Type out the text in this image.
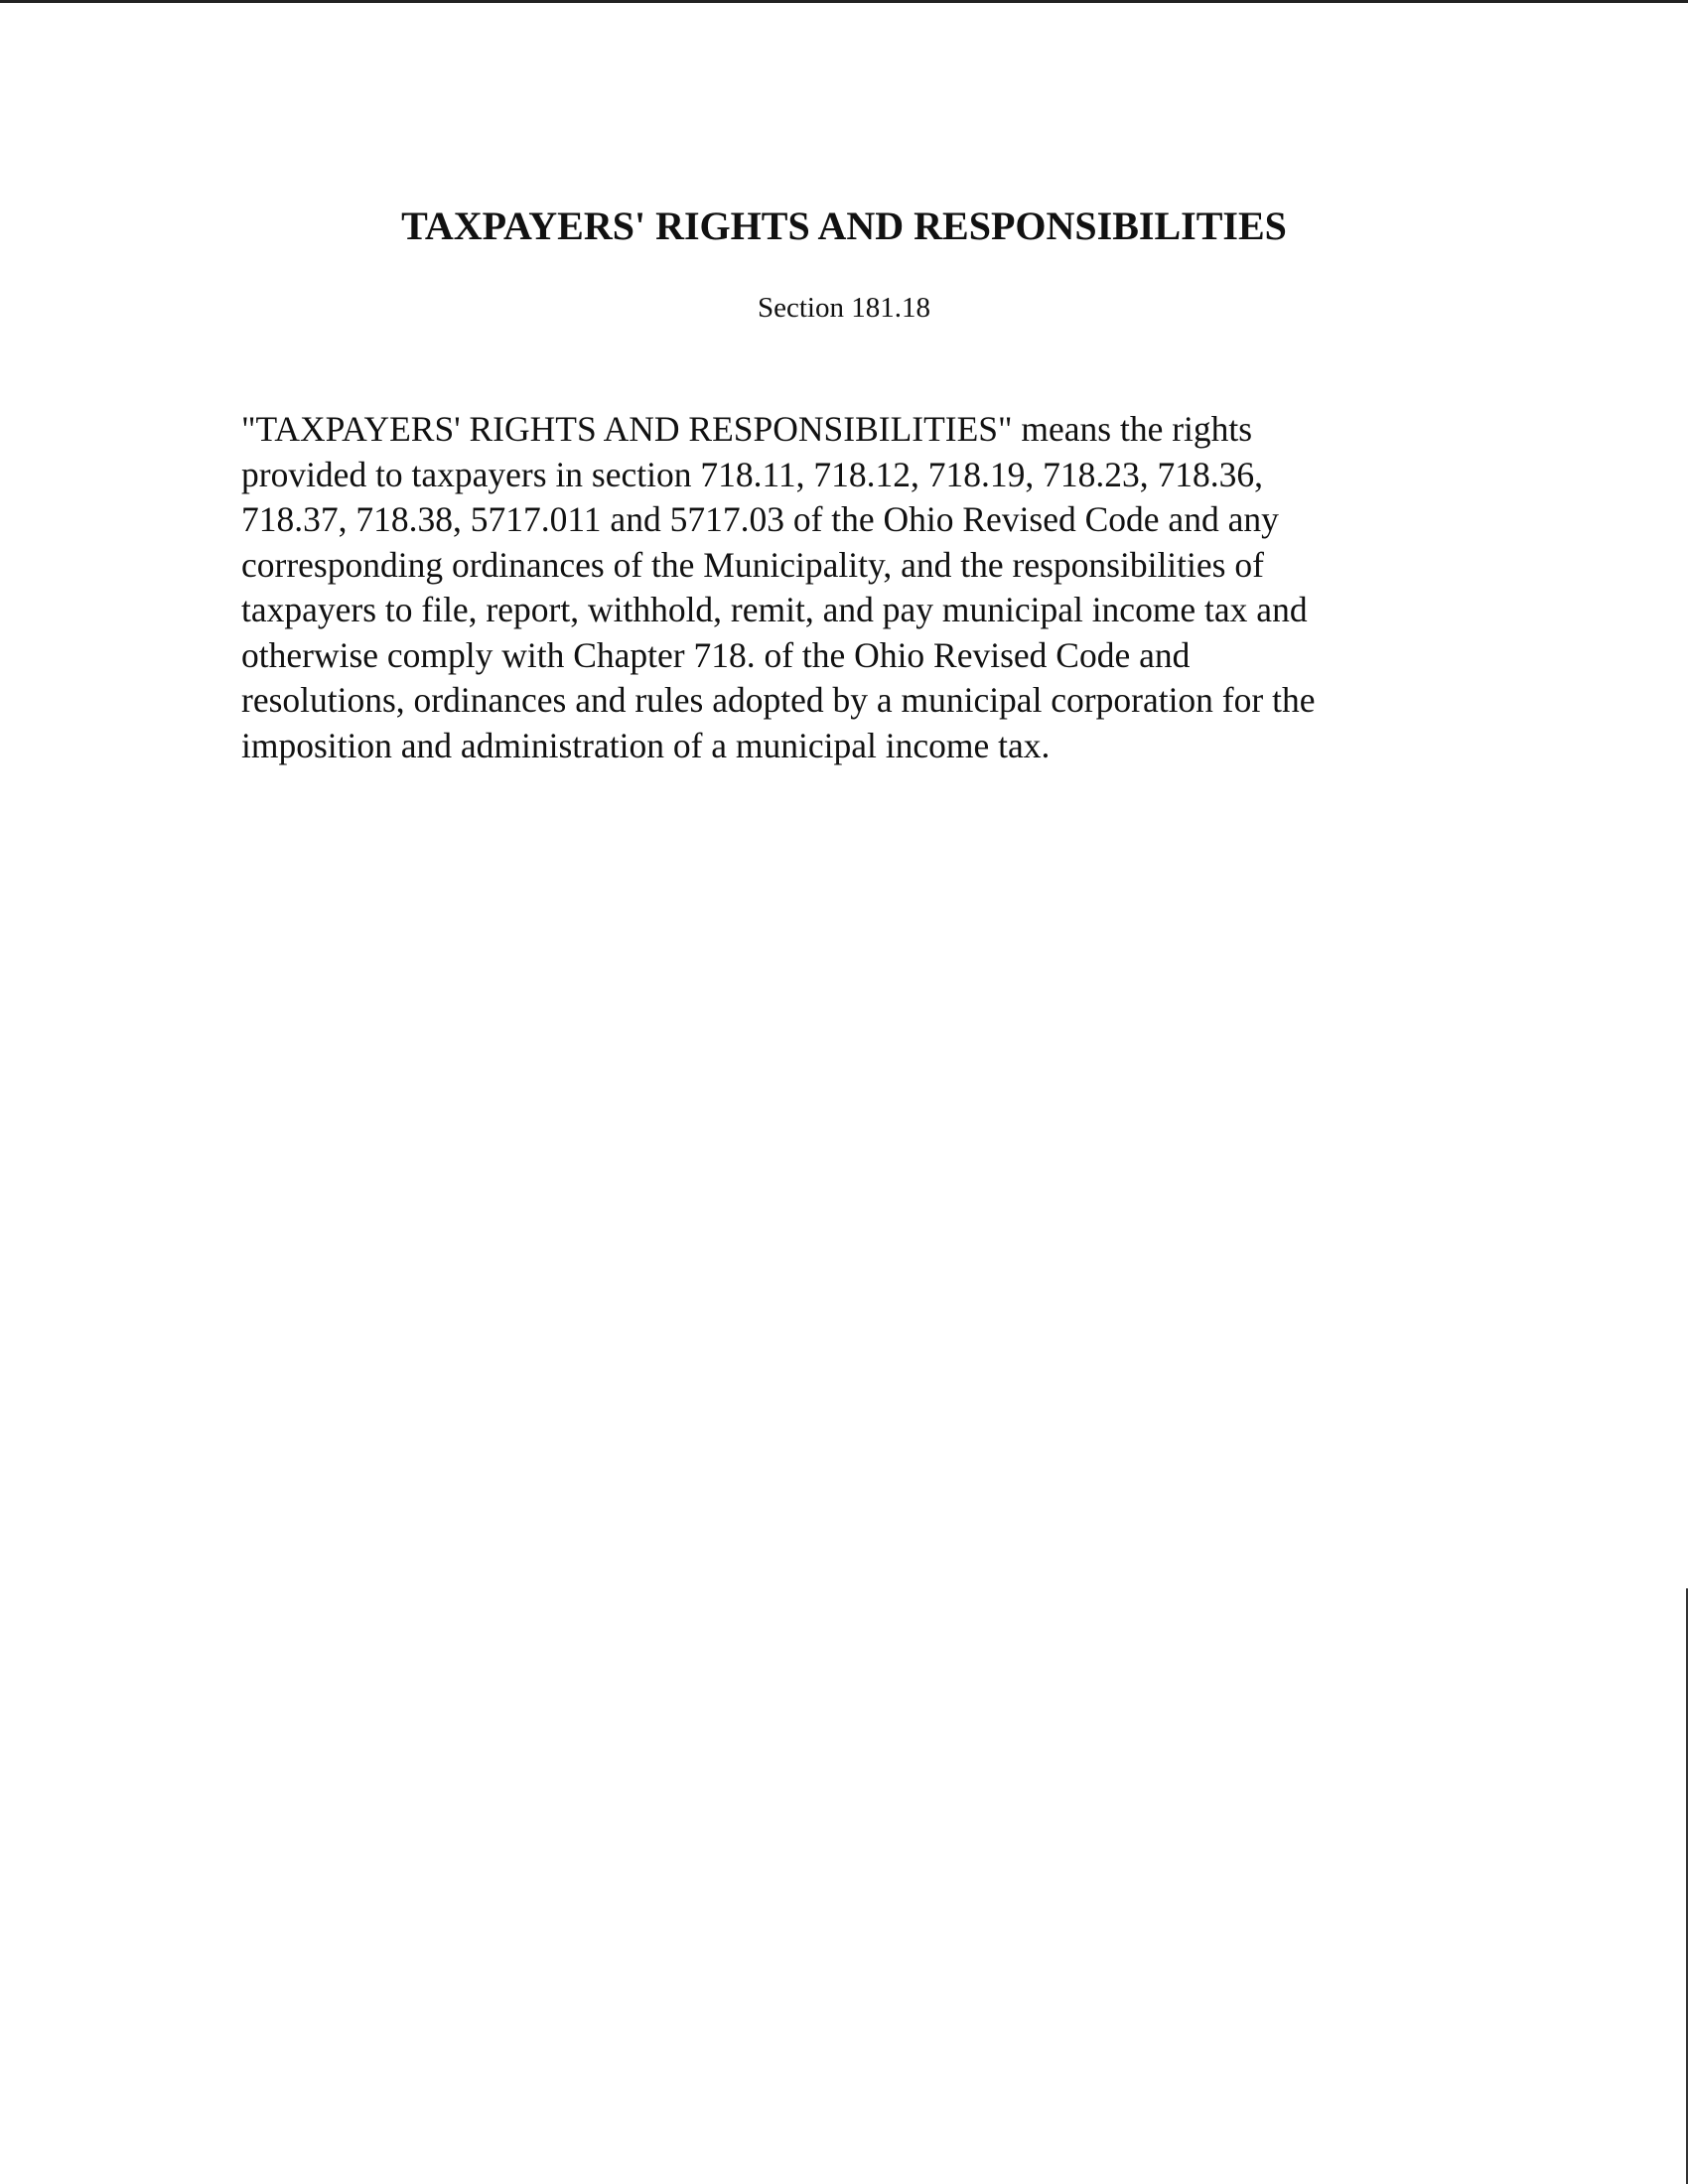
TAXPAYERS' RIGHTS AND RESPONSIBILITIES
Section 181.18
"TAXPAYERS' RIGHTS AND RESPONSIBILITIES" means the rights
provided to taxpayers in section 718.11, 718.12, 718.19, 718.23, 718.36,
718.37, 718.38, 5717.011 and 5717.03 of the Ohio Revised Code and any
corresponding ordinances of the Municipality, and the responsibilities of
taxpayers to file, report, withhold, remit, and pay municipal income tax and
otherwise comply with Chapter 718. of the Ohio Revised Code and
resolutions, ordinances and rules adopted by a municipal corporation for the
imposition and administration of a municipal income tax.
